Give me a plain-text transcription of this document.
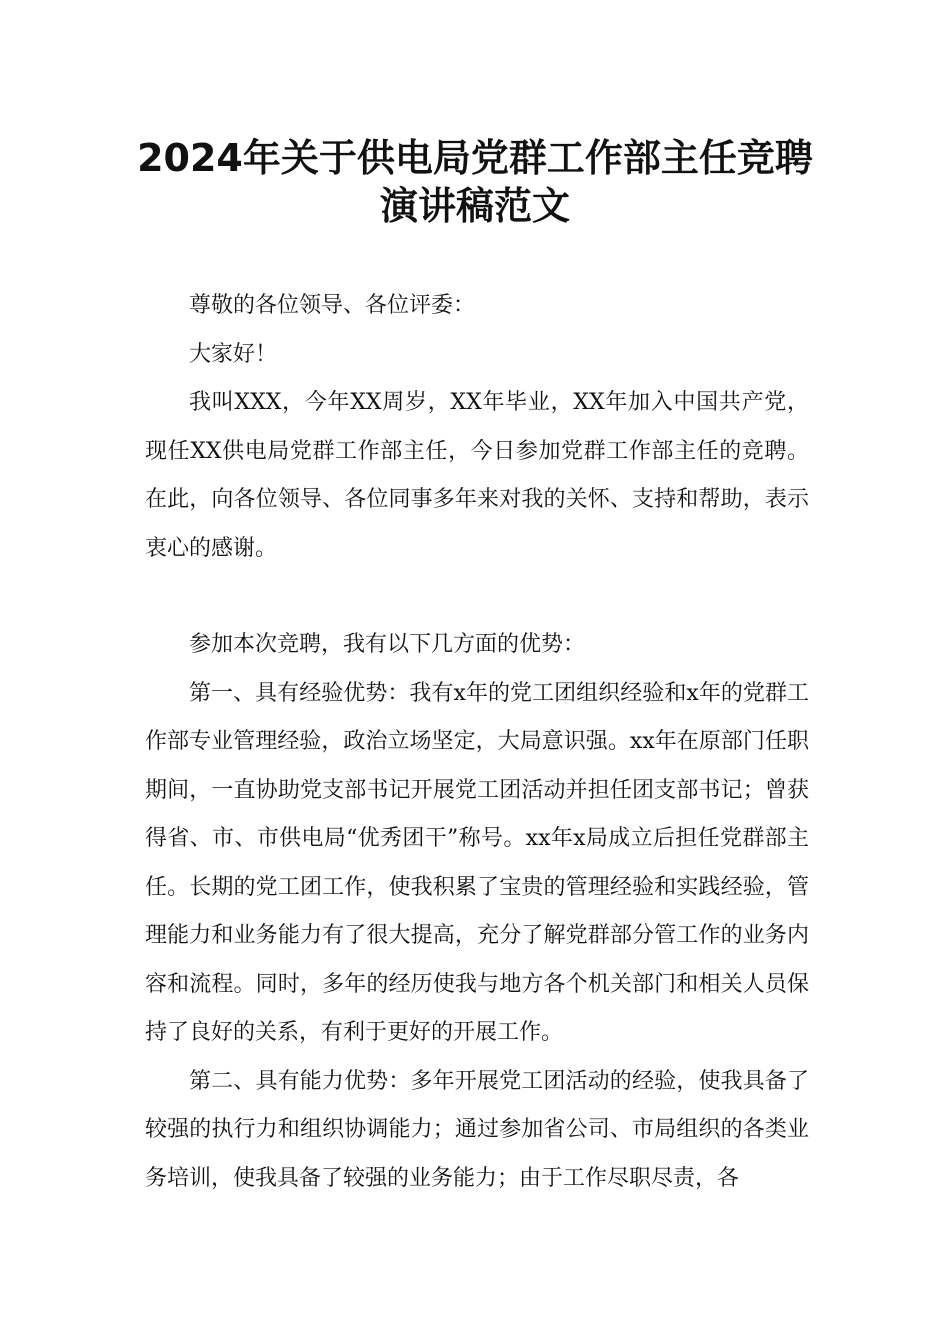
2024年关于供电局党群工作部主任竞聘
演讲稿范文

尊敬的各位领导、各位评委：

大家好！

我叫XXX，今年XX周岁，XX年毕业，XX年加入中国共产党，现任XX供电局党群工作部主任，今日参加党群工作部主任的竞聘。在此，向各位领导、各位同事多年来对我的关怀、支持和帮助，表示衷心的感谢。

参加本次竞聘，我有以下几方面的优势：

第一、具有经验优势：我有x年的党工团组织经验和x年的党群工作部专业管理经验，政治立场坚定，大局意识强。xx年在原部门任职期间，一直协助党支部书记开展党工团活动并担任团支部书记；曾获得省、市、市供电局“优秀团干”称号。xx年x局成立后担任党群部主任。长期的党工团工作，使我积累了宝贵的管理经验和实践经验，管理能力和业务能力有了很大提高，充分了解党群部分管工作的业务内容和流程。同时，多年的经历使我与地方各个机关部门和相关人员保持了良好的关系，有利于更好的开展工作。

第二、具有能力优势：多年开展党工团活动的经验，使我具备了较强的执行力和组织协调能力；通过参加省公司、市局组织的各类业务培训，使我具备了较强的业务能力；由于工作尽职尽责，各
